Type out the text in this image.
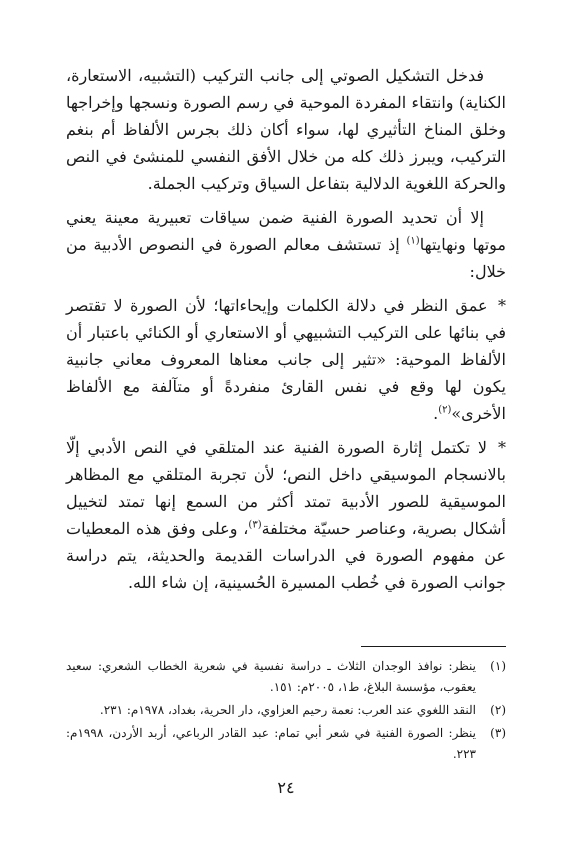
فدخل التشكيل الصوتي إلى جانب التركيب (التشبيه، الاستعارة، الكناية) وانتقاء المفردة الموحية في رسم الصورة ونسجها وإخراجها وخلق المناخ التأثيري لها، سواء أكان ذلك بجرس الألفاظ أم بنغم التركيب، ويبرز ذلك كله من خلال الأفق النفسي للمنشئ في النص والحركة اللغوية الدلالية بتفاعل السياق وتركيب الجملة.

إلا أن تحديد الصورة الفنية ضمن سياقات تعبيرية معينة يعني موتها ونهايتها$^{(١)}$ إذ تستشف معالم الصورة في النصوص الأدبية من خلال:

* عمق النظر في دلالة الكلمات وإيحاءاتها؛ لأن الصورة لا تقتصر في بنائها على التركيب التشبيهي أو الاستعاري أو الكنائي باعتبار أن الألفاظ الموحية: «تثير إلى جانب معناها المعروف معاني جانبية يكون لها وقع في نفس القارئ منفردةً أو متآلفة مع الألفاظ الأخرى»$^{(٢)}$.

* لا تكتمل إثارة الصورة الفنية عند المتلقي في النص الأدبي إلّا بالانسجام الموسيقي داخل النص؛ لأن تجربة المتلقي مع المظاهر الموسيقية للصور الأدبية تمتد أكثر من السمع إنها تمتد لتخييل أشكال بصرية، وعناصر حسيّة مختلفة$^{(٣)}$، وعلى وفق هذه المعطيات عن مفهوم الصورة في الدراسات القديمة والحديثة، يتم دراسة جوانب الصورة في خُطب المسيرة الحُسينية، إن شاء الله.

(١)
ينظر: نوافذ الوجدان الثلاث ـ دراسة نفسية في شعرية الخطاب الشعري: سعيد يعقوب، مؤسسة البلاغ، ط١، ٢٠٠٥م: ١٥١.
(٢)
النقد اللغوي عند العرب: نعمة رحيم العزاوي، دار الحرية، بغداد، ١٩٧٨م: ٢٣١.
(٣)
ينظر: الصورة الفنية في شعر أبي تمام: عبد القادر الرباعي، أربد الأردن، ١٩٩٨م: ٢٢٣.
٢٤
